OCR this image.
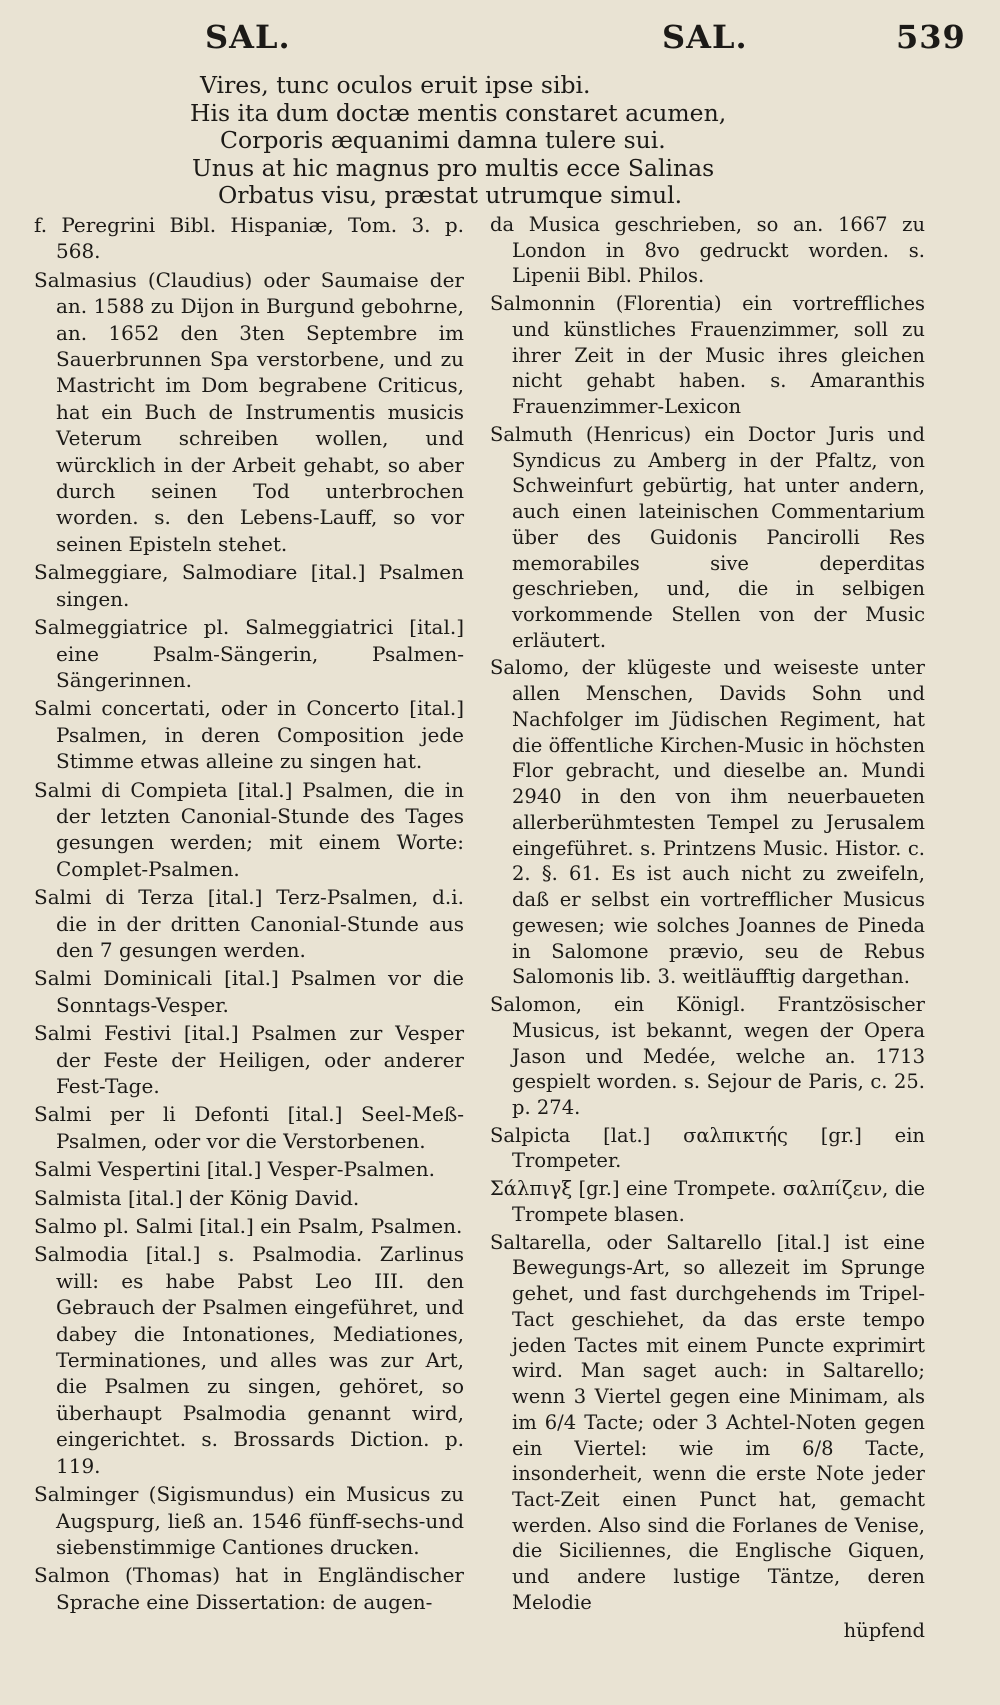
SAL.	SAL.	539
Vires, tunc oculos eruit ipse sibi.
His ita dum doctæ mentis constaret acumen,
Corporis æquanimi damna tulere sui.
Unus at hic magnus pro multis ecce Salinas
Orbatus visu, præstat utrumque simul.

f. Peregrini Bibl. Hispaniæ, Tom. 3. p. 568.

Salmasius (Claudius) oder Saumaise der an. 1588 zu Dijon in Burgund gebohrne, an. 1652 den 3ten Septembre im Sauerbrunnen Spa verstorbene, und zu Mastricht im Dom begrabene Criticus, hat ein Buch de Instrumentis musicis Veterum schreiben wollen, und würcklich in der Arbeit gehabt, so aber durch seinen Tod unterbrochen worden. s. den Lebens-Lauff, so vor seinen Episteln stehet.

Salmeggiare, Salmodiare [ital.] Psalmen singen.

Salmeggiatrice pl. Salmeggiatrici [ital.] eine Psalm-Sängerin, Psalmen-Sängerinnen.

Salmi concertati, oder in Concerto [ital.] Psalmen, in deren Composition jede Stimme etwas alleine zu singen hat.

Salmi di Compieta [ital.] Psalmen, die in der letzten Canonial-Stunde des Tages gesungen werden; mit einem Worte: Complet-Psalmen.

Salmi di Terza [ital.] Terz-Psalmen, d.i. die in der dritten Canonial-Stunde aus den 7 gesungen werden.

Salmi Dominicali [ital.] Psalmen vor die Sonntags-Vesper.

Salmi Festivi [ital.] Psalmen zur Vesper der Feste der Heiligen, oder anderer Fest-Tage.

Salmi per li Defonti [ital.] Seel-Meß-Psalmen, oder vor die Verstorbenen.

Salmi Vespertini [ital.] Vesper-Psalmen.

Salmista [ital.] der König David.

Salmo pl. Salmi [ital.] ein Psalm, Psalmen.

Salmodia [ital.] s. Psalmodia. Zarlinus will: es habe Pabst Leo III. den Gebrauch der Psalmen eingeführet, und dabey die Intonationes, Mediationes, Terminationes, und alles was zur Art, die Psalmen zu singen, gehöret, so überhaupt Psalmodia genannt wird, eingerichtet. s. Brossards Diction. p. 119.

Salminger (Sigismundus) ein Musicus zu Augspurg, ließ an. 1546 fünff-sechs-und siebenstimmige Cantiones drucken.

Salmon (Thomas) hat in Engländischer Sprache eine Dissertation: de augen-

da Musica geschrieben, so an. 1667 zu London in 8vo gedruckt worden. s. Lipenii Bibl. Philos.

Salmonnin (Florentia) ein vortreffliches und künstliches Frauenzimmer, soll zu ihrer Zeit in der Music ihres gleichen nicht gehabt haben. s. Amaranthis Frauenzimmer-Lexicon

Salmuth (Henricus) ein Doctor Juris und Syndicus zu Amberg in der Pfaltz, von Schweinfurt gebürtig, hat unter andern, auch einen lateinischen Commentarium über des Guidonis Pancirolli Res memorabiles sive deperditas geschrieben, und, die in selbigen vorkommende Stellen von der Music erläutert.

Salomo, der klügeste und weiseste unter allen Menschen, Davids Sohn und Nachfolger im Jüdischen Regiment, hat die öffentliche Kirchen-Music in höchsten Flor gebracht, und dieselbe an. Mundi 2940 in den von ihm neuerbaueten allerberühmtesten Tempel zu Jerusalem eingeführet. s. Printzens Music. Histor. c. 2. §. 61. Es ist auch nicht zu zweifeln, daß er selbst ein vortrefflicher Musicus gewesen; wie solches Joannes de Pineda in Salomone prævio, seu de Rebus Salomonis lib. 3. weitläufftig dargethan.

Salomon, ein Königl. Frantzösischer Musicus, ist bekannt, wegen der Opera Jason und Medée, welche an. 1713 gespielt worden. s. Sejour de Paris, c. 25. p. 274.

Salpicta [lat.] σαλπικτής [gr.] ein Trompeter.

Σάλπιγξ [gr.] eine Trompete. σαλπίζειν, die Trompete blasen.

Saltarella, oder Saltarello [ital.] ist eine Bewegungs-Art, so allezeit im Sprunge gehet, und fast durchgehends im Tripel-Tact geschiehet, da das erste tempo jeden Tactes mit einem Puncte exprimirt wird. Man saget auch: in Saltarello; wenn 3 Viertel gegen eine Minimam, als im 6/4 Tacte; oder 3 Achtel-Noten gegen ein Viertel: wie im 6/8 Tacte, insonderheit, wenn die erste Note jeder Tact-Zeit einen Punct hat, gemacht werden. Also sind die Forlanes de Venise, die Siciliennes, die Englische Giquen, und andere lustige Täntze, deren Melodie

hüpfend
